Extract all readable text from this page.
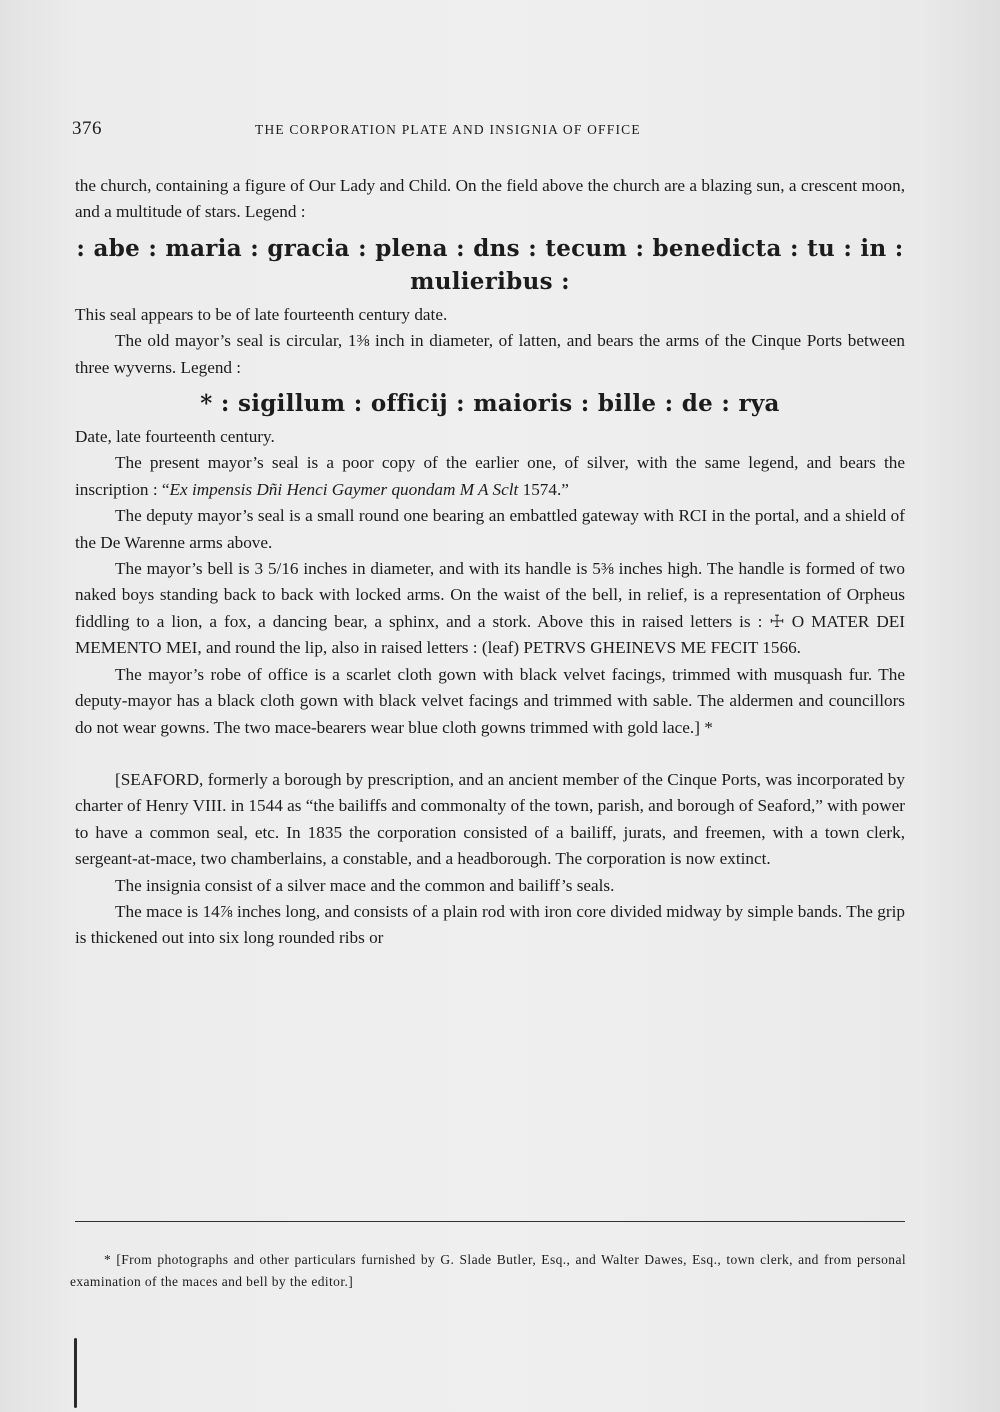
376	THE CORPORATION PLATE AND INSIGNIA OF OFFICE

the church, containing a figure of Our Lady and Child. On the field above the church are a blazing sun, a crescent moon, and a multitude of stars. Legend :

: abe : maria : gracia : plena : dns : tecum : benedicta : tu : in : mulieribus :

This seal appears to be of late fourteenth century date.

The old mayor’s seal is circular, 1⅜ inch in diameter, of latten, and bears the arms of the Cinque Ports between three wyverns. Legend :

* : sigillum : officij : maioris : bille : de : rya

Date, late fourteenth century.

The present mayor’s seal is a poor copy of the earlier one, of silver, with the same legend, and bears the inscription : “Ex impensis Dñi Henci Gaymer quondam M A Sclt 1574.”

The deputy mayor’s seal is a small round one bearing an embattled gateway with RCI in the portal, and a shield of the De Warenne arms above.

The mayor’s bell is 3 5/16 inches in diameter, and with its handle is 5⅜ inches high. The handle is formed of two naked boys standing back to back with locked arms. On the waist of the bell, in relief, is a representation of Orpheus fiddling to a lion, a fox, a dancing bear, a sphinx, and a stork. Above this in raised letters is : ☩ O MATER DEI MEMENTO MEI, and round the lip, also in raised letters : (leaf) PETRVS GHEINEVS ME FECIT 1566.

The mayor’s robe of office is a scarlet cloth gown with black velvet facings, trimmed with musquash fur. The deputy-mayor has a black cloth gown with black velvet facings and trimmed with sable. The aldermen and councillors do not wear gowns. The two mace-bearers wear blue cloth gowns trimmed with gold lace.] *

[SEAFORD, formerly a borough by prescription, and an ancient member of the Cinque Ports, was incorporated by charter of Henry VIII. in 1544 as “the bailiffs and commonalty of the town, parish, and borough of Seaford,” with power to have a common seal, etc. In 1835 the corporation consisted of a bailiff, jurats, and freemen, with a town clerk, sergeant-at-mace, two chamberlains, a constable, and a headborough. The corporation is now extinct.

The insignia consist of a silver mace and the common and bailiff’s seals.

The mace is 14⅞ inches long, and consists of a plain rod with iron core divided midway by simple bands. The grip is thickened out into six long rounded ribs or

* [From photographs and other particulars furnished by G. Slade Butler, Esq., and Walter Dawes, Esq., town clerk, and from personal examination of the maces and bell by the editor.]
